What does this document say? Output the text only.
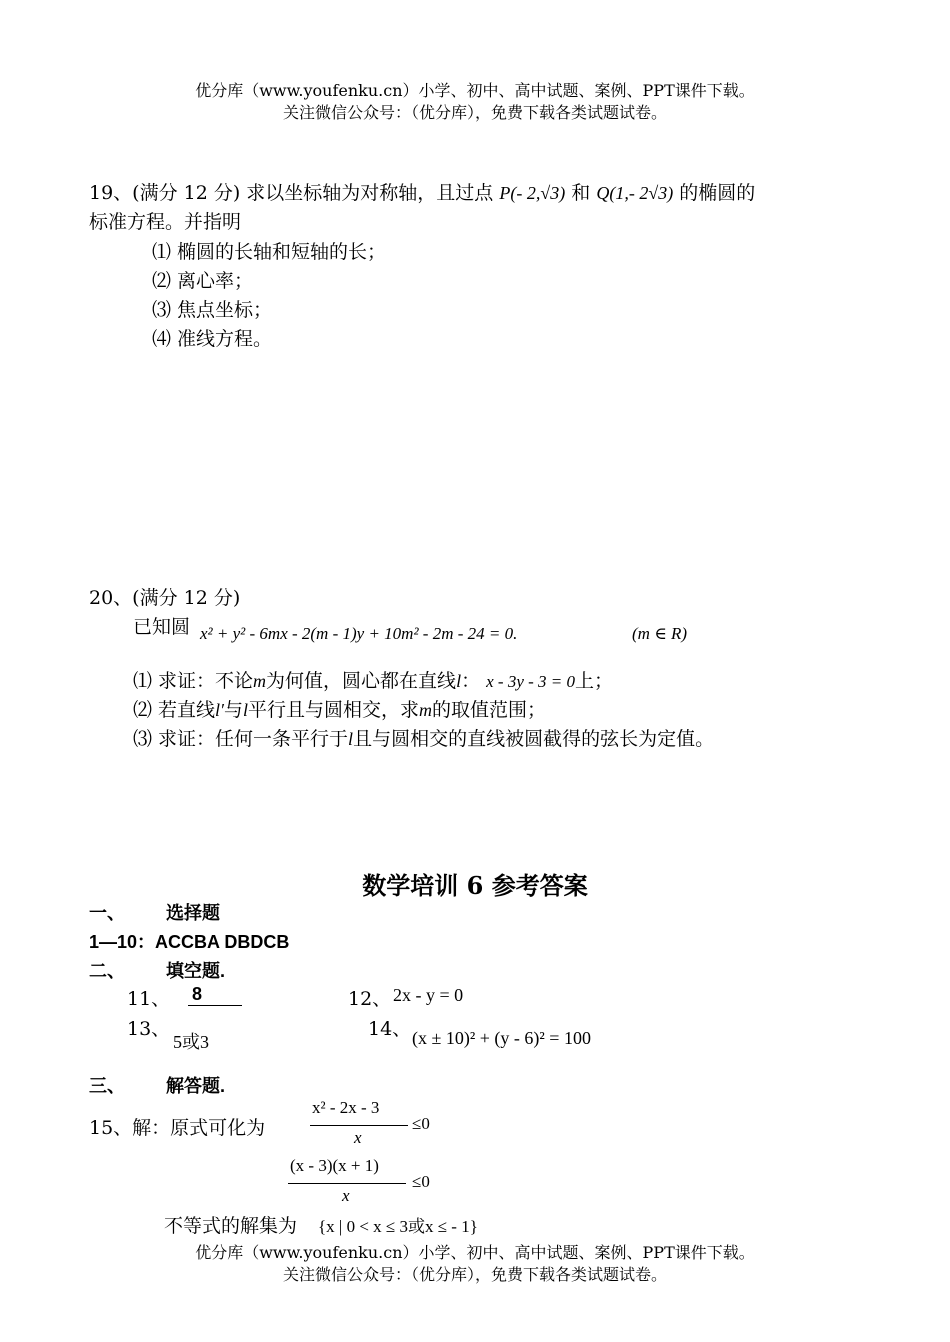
优分库（www.youfenku.cn）小学、初中、高中试题、案例、PPT课件下载。
关注微信公众号：（优分库），免费下载各类试题试卷。
19、(满分 12 分) 求以坐标轴为对称轴，且过点 P(- 2,√3) 和 Q(1,- 2√3) 的椭圆的
标准方程。并指明
⑴ 椭圆的长轴和短轴的长；
⑵ 离心率；
⑶ 焦点坐标；
⑷ 准线方程。
20、(满分 12 分)
已知圆 x² + y² - 6mx - 2(m - 1)y + 10m² - 2m - 24 = 0.	(m ∈ R)
⑴ 求证：不论m为何值，圆心都在直线l： x - 3y - 3 = 0上；
⑵ 若直线l′与l平行且与圆相交，求m的取值范围；
⑶ 求证：任何一条平行于l且与圆相交的直线被圆截得的弦长为定值。
数学培训 6 参考答案
一、 选择题
1—10：ACCBA DBDCB
二、 填空题.
11、 8	12、 2x - y = 0
13、
5或3
14、 (x ± 10)² + (y - 6)² = 100
三、 解答题.
15、解：原式可化为
x² - 2x - 3
x
≤0
(x - 3)(x + 1)
x
≤0
不等式的解集为 {x | 0 < x ≤ 3或x ≤ - 1}
优分库（www.youfenku.cn）小学、初中、高中试题、案例、PPT课件下载。
关注微信公众号：（优分库），免费下载各类试题试卷。
